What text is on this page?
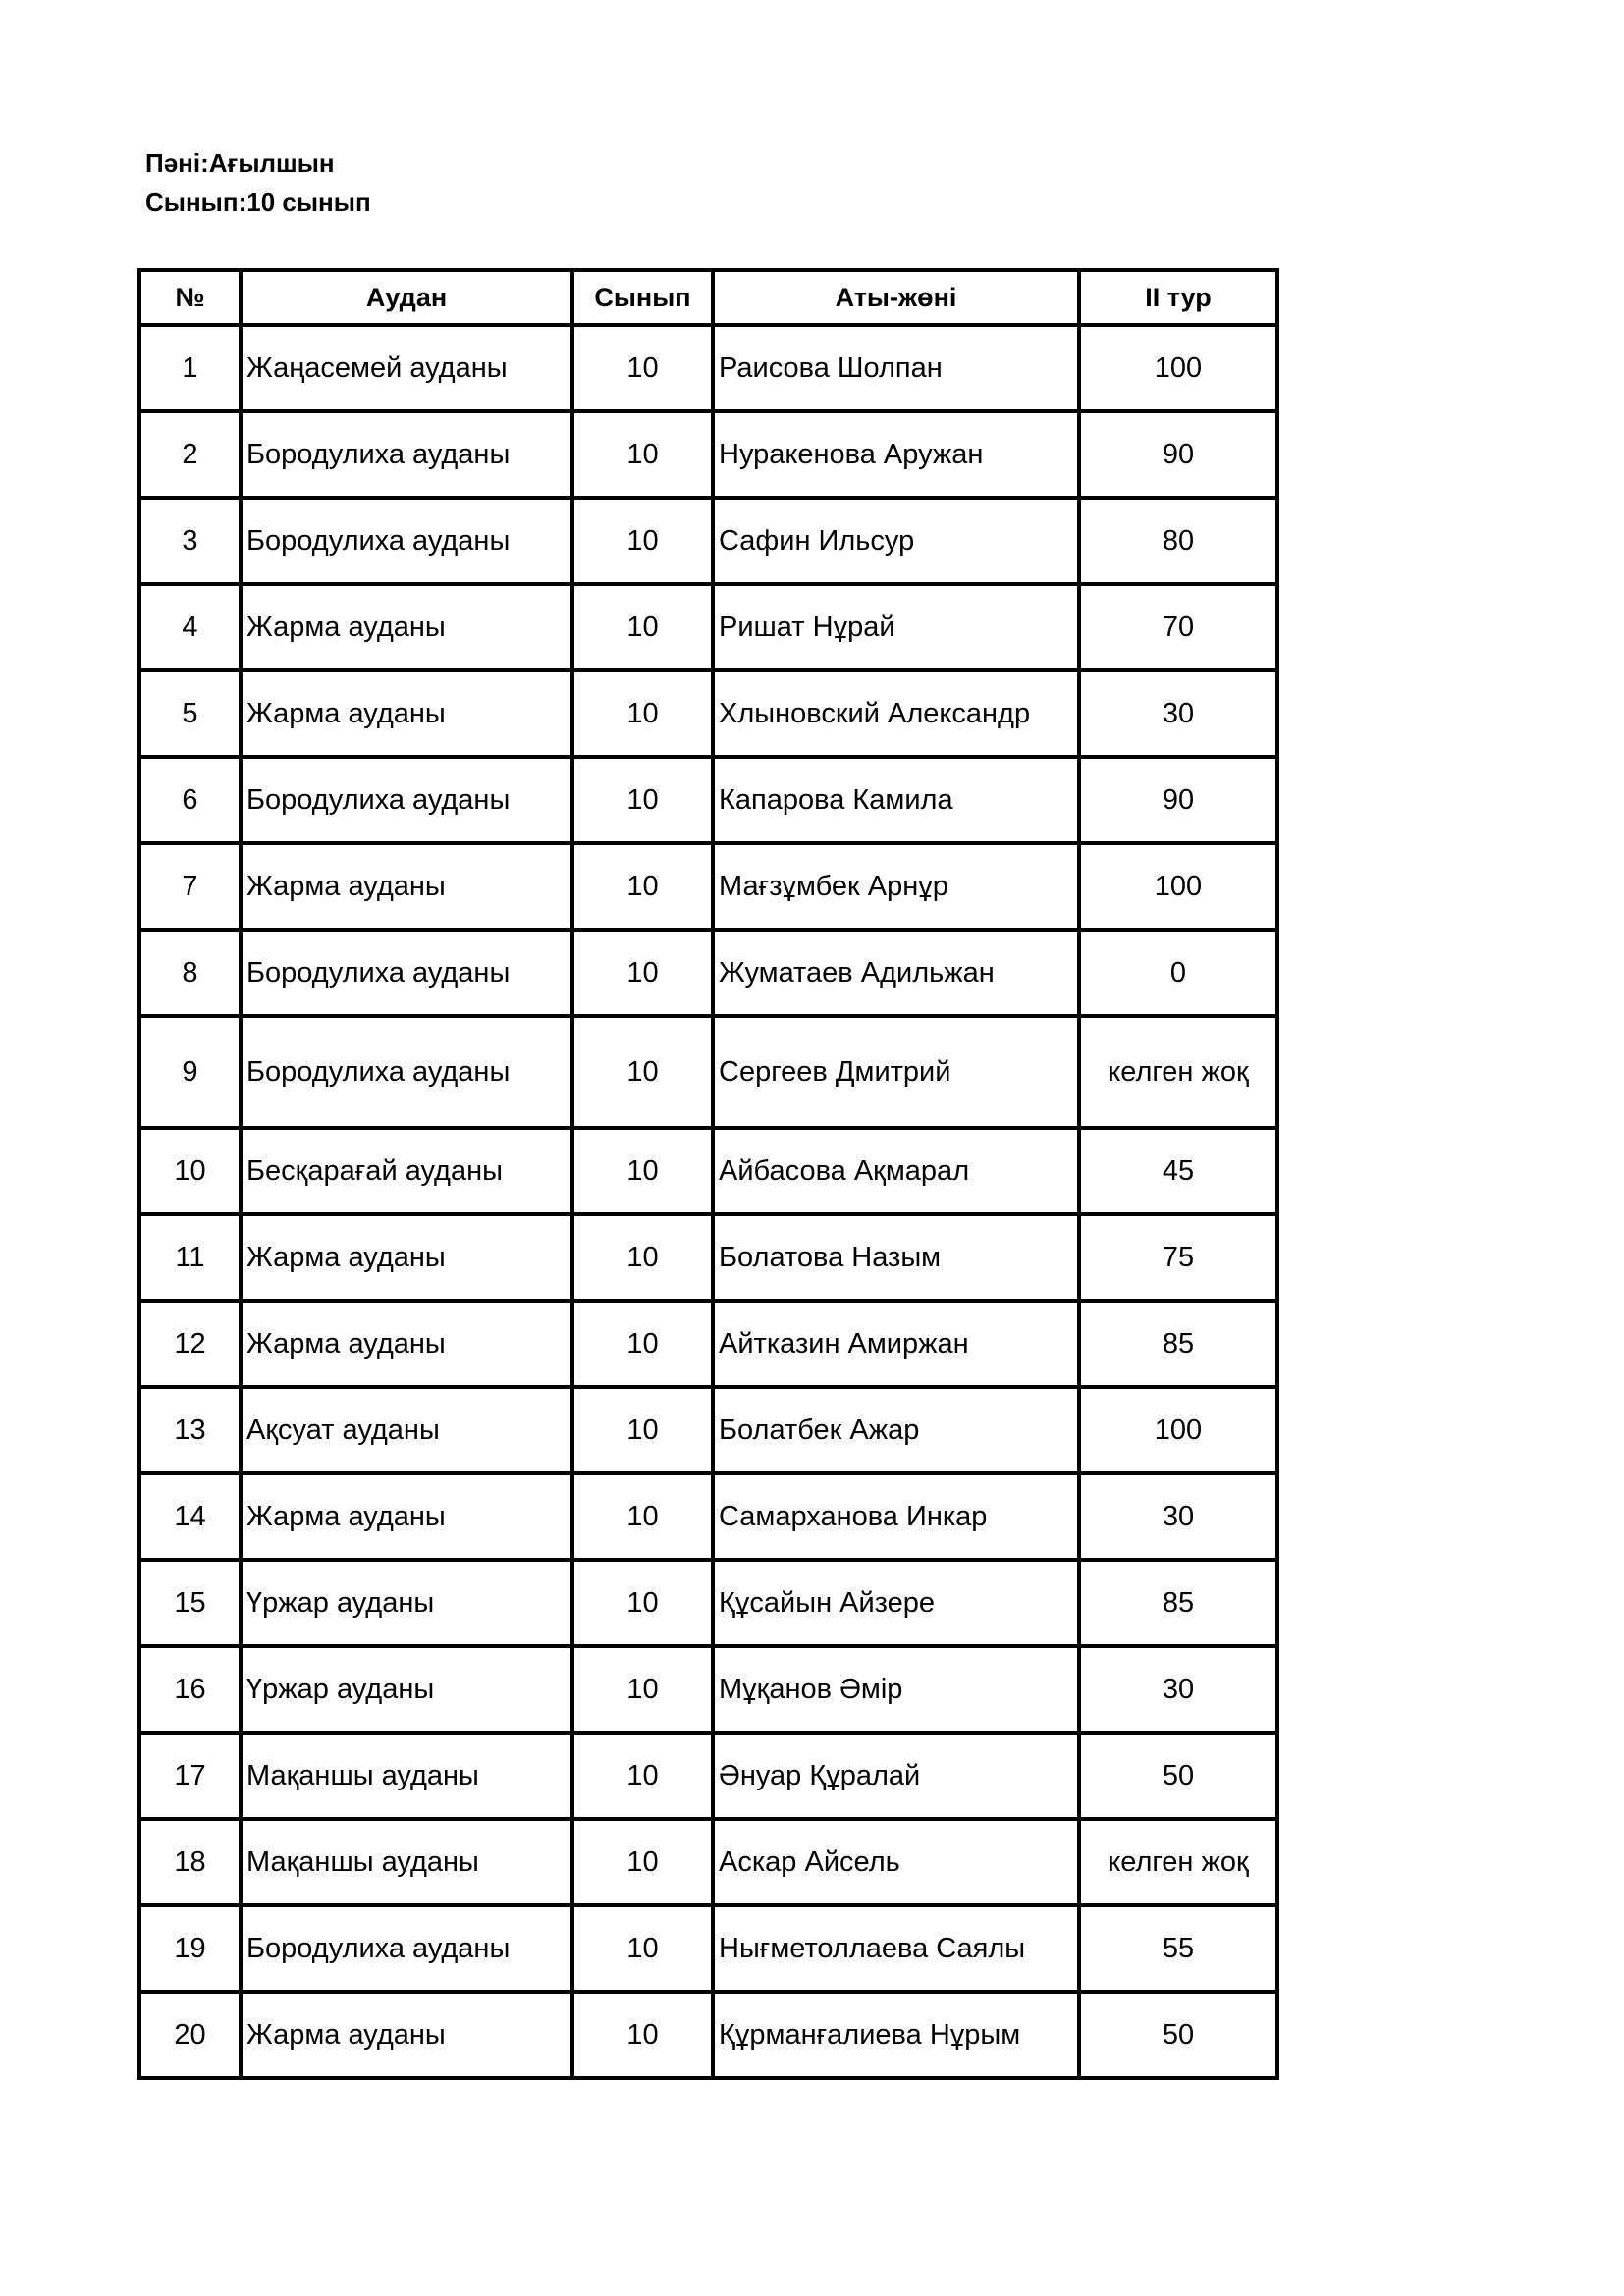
Пәні:Ағылшын

Сынып:10 сынып

№	Аудан	Сынып	Аты-жөні	II тур
1	Жаңасемей ауданы	10	Раисова Шолпан	100
2	Бородулиха ауданы	10	Нуракенова Аружан	90
3	Бородулиха ауданы	10	Сафин Ильсур	80
4	Жарма ауданы	10	Ришат Нұрай	70
5	Жарма ауданы	10	Хлыновский Александр	30
6	Бородулиха ауданы	10	Капарова Камила	90
7	Жарма ауданы	10	Мағзұмбек Арнұр	100
8	Бородулиха ауданы	10	Жуматаев Адильжан	0
9	Бородулиха ауданы	10	Сергеев Дмитрий	келген жоқ
10	Бесқарағай ауданы	10	Айбасова Ақмарал	45
11	Жарма ауданы	10	Болатова Назым	75
12	Жарма ауданы	10	Айтказин Амиржан	85
13	Ақсуат ауданы	10	Болатбек Ажар	100
14	Жарма ауданы	10	Самарханова Инкар	30
15	Үржар ауданы	10	Құсайын Айзере	85
16	Үржар ауданы	10	Мұқанов Әмір	30
17	Мақаншы ауданы	10	Әнуар Құралай	50
18	Мақаншы ауданы	10	Аскар Айсель	келген жоқ
19	Бородулиха ауданы	10	Нығметоллаева Саялы	55
20	Жарма ауданы	10	Құрманғалиева Нұрым	50
